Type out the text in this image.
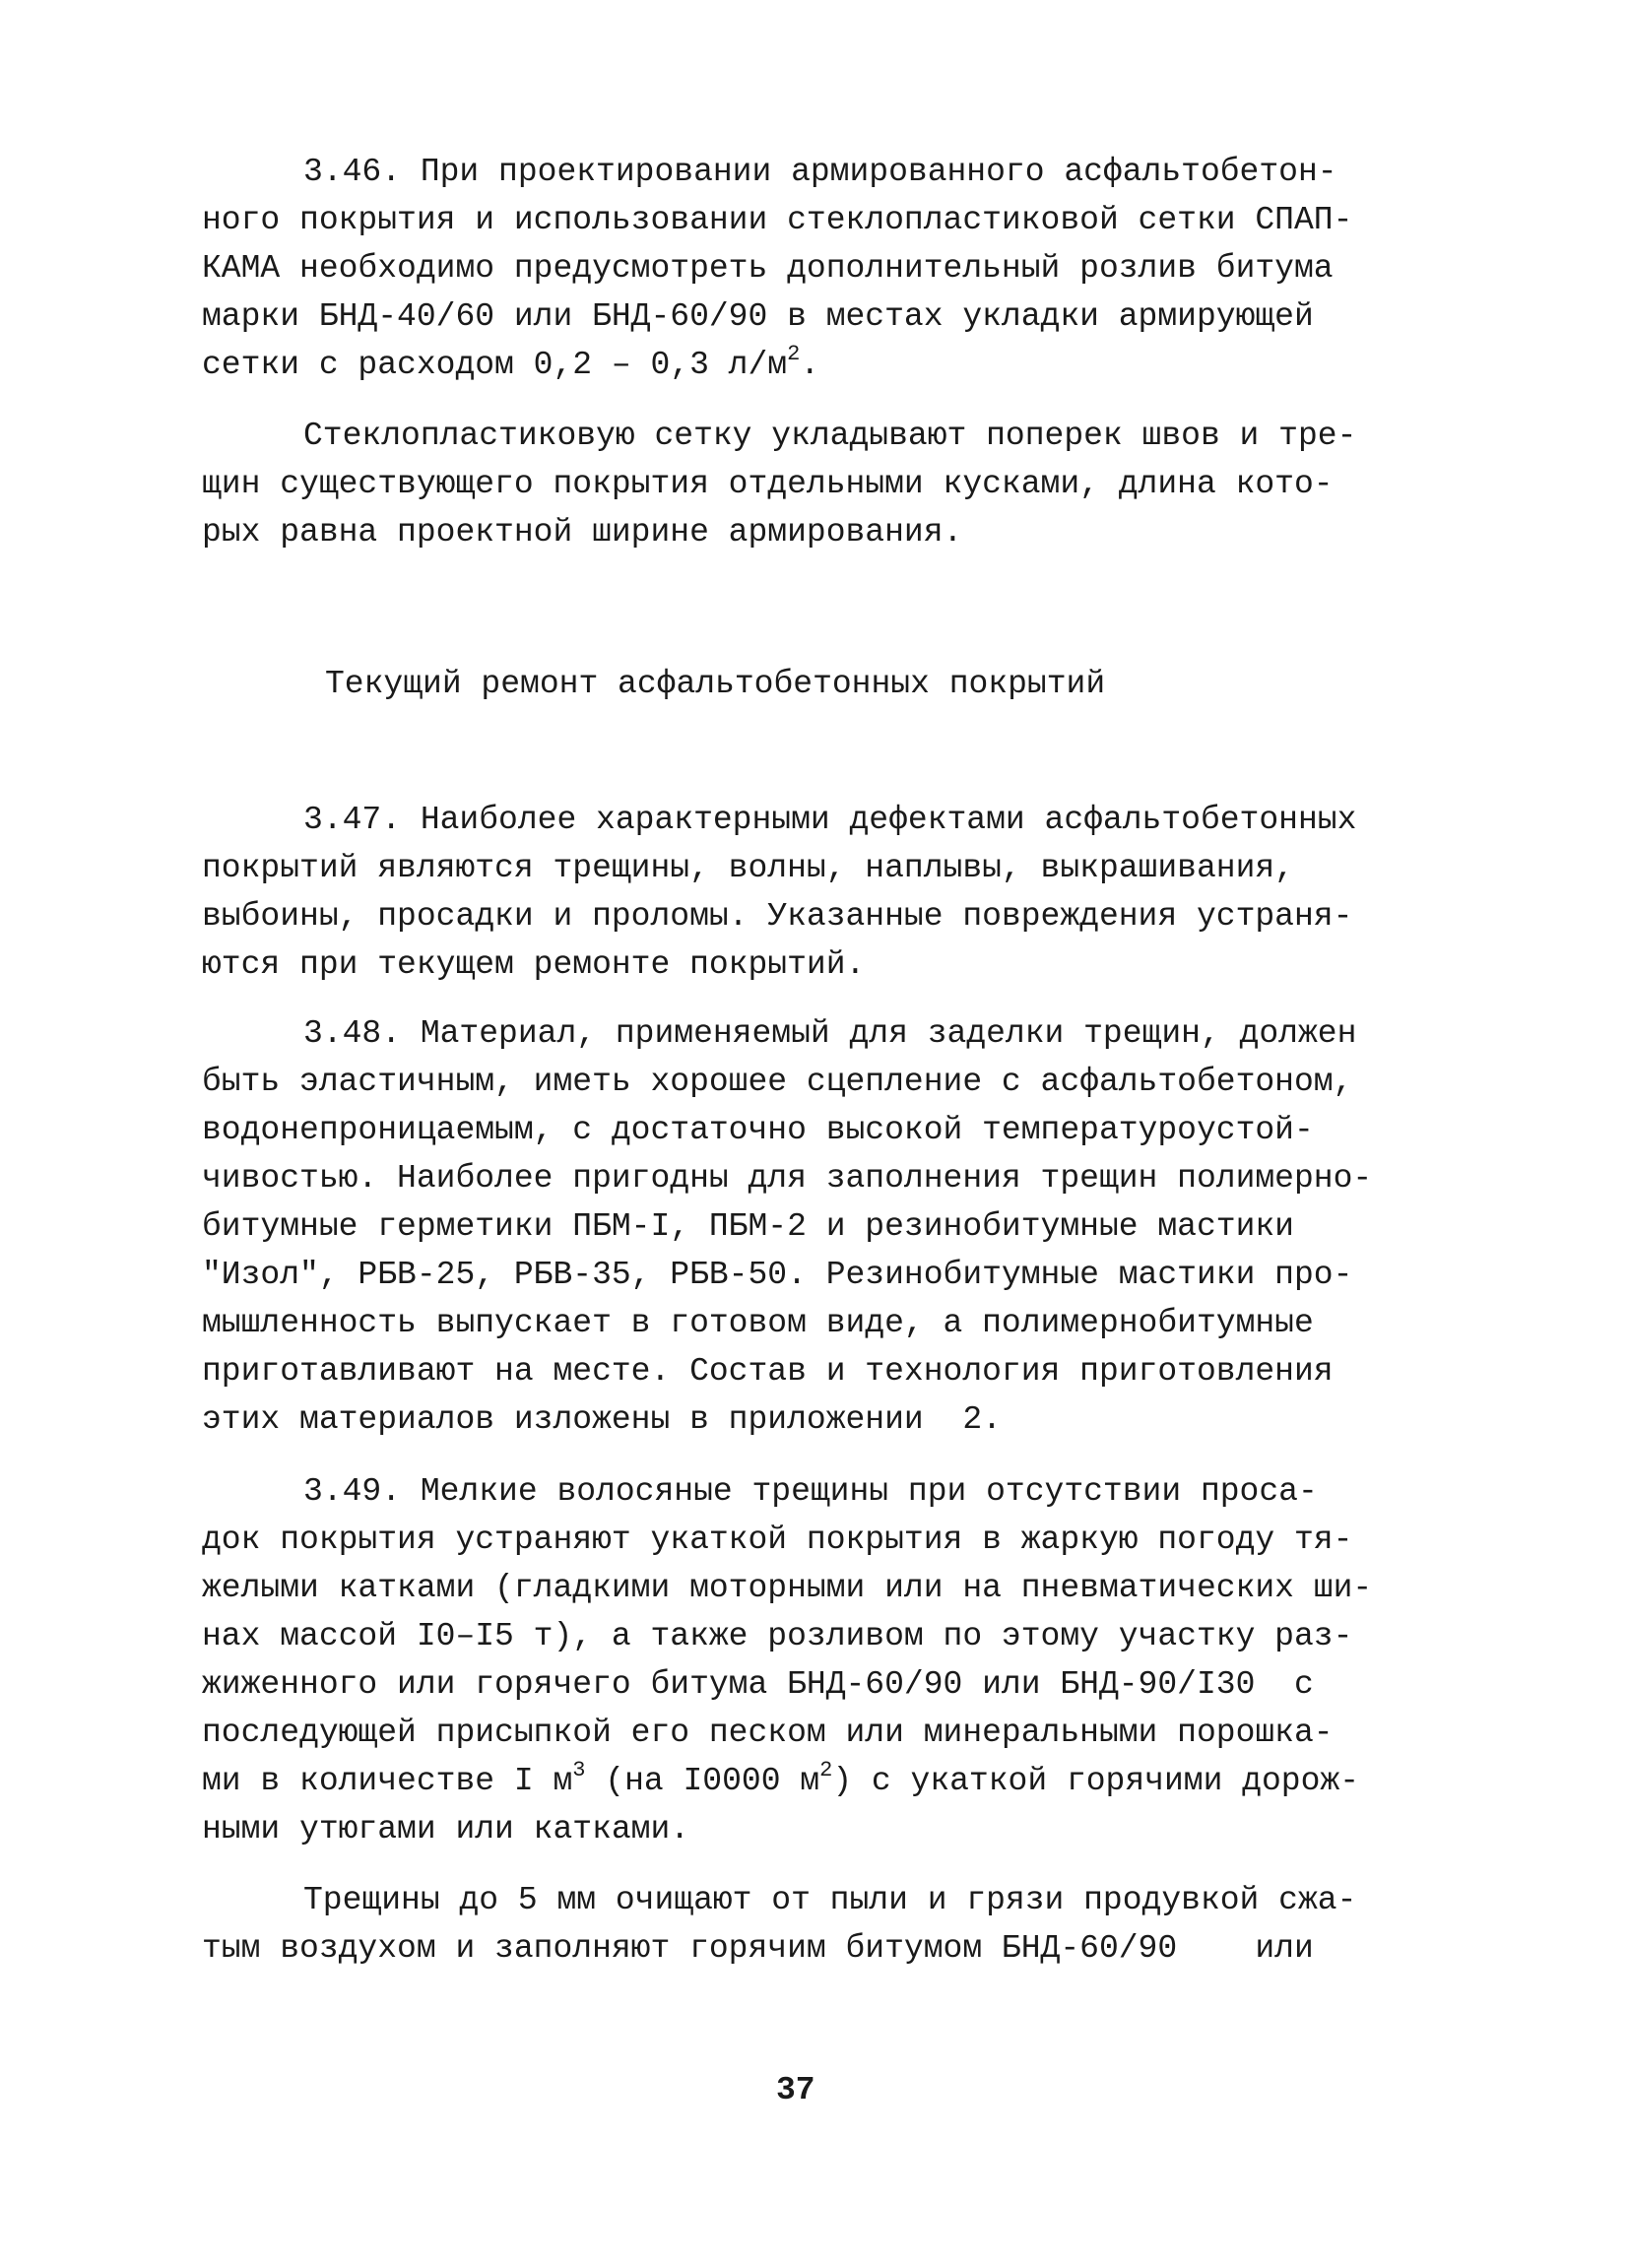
3.46. При проектировании армированного асфальтобетон-
ного покрытия и использовании стеклопластиковой сетки СПАП-
КАМА необходимо предусмотреть дополнительный розлив битума
марки БНД-40/60 или БНД-60/90 в местах укладки армирующей
сетки с расходом 0,2 – 0,3 $л/м^2$.
Стеклопластиковую сетку укладывают поперек швов и тре-
щин существующего покрытия отдельными кусками, длина кото-
рых равна проектной ширине армирования.
Текущий ремонт асфальтобетонных покрытий
3.47. Наиболее характерными дефектами асфальтобетонных
покрытий являются трещины, волны, наплывы, выкрашивания,
выбоины, просадки и проломы. Указанные повреждения устраня-
ются при текущем ремонте покрытий.
3.48. Материал, применяемый для заделки трещин, должен
быть эластичным, иметь хорошее сцепление с асфальтобетоном,
водонепроницаемым, с достаточно высокой температуроустой-
чивостью. Наиболее пригодны для заполнения трещин полимерно-
битумные герметики ПБМ-I, ПБМ-2 и резинобитумные мастики
"Изол", РБВ-25, РБВ-35, РБВ-50. Резинобитумные мастики про-
мышленность выпускает в готовом виде, а полимернобитумные
приготавливают на месте. Состав и технология приготовления
этих материалов изложены в приложении  2.
3.49. Мелкие волосяные трещины при отсутствии проса-
док покрытия устраняют укаткой покрытия в жаркую погоду тя-
желыми катками (гладкими моторными или на пневматических ши-
нах массой I0–I5 т), а также розливом по этому участку раз-
жиженного или горячего битума БНД-60/90 или БНД-90/I30  с
последующей присыпкой его песком или минеральными порошка-
ми в количестве I $м^3$ (на I0000 $м^2$) с укаткой горячими дорож-
ными утюгами или катками.
Трещины до 5 мм очищают от пыли и грязи продувкой сжа-
тым воздухом и заполняют горячим битумом БНД-60/90    или
37
